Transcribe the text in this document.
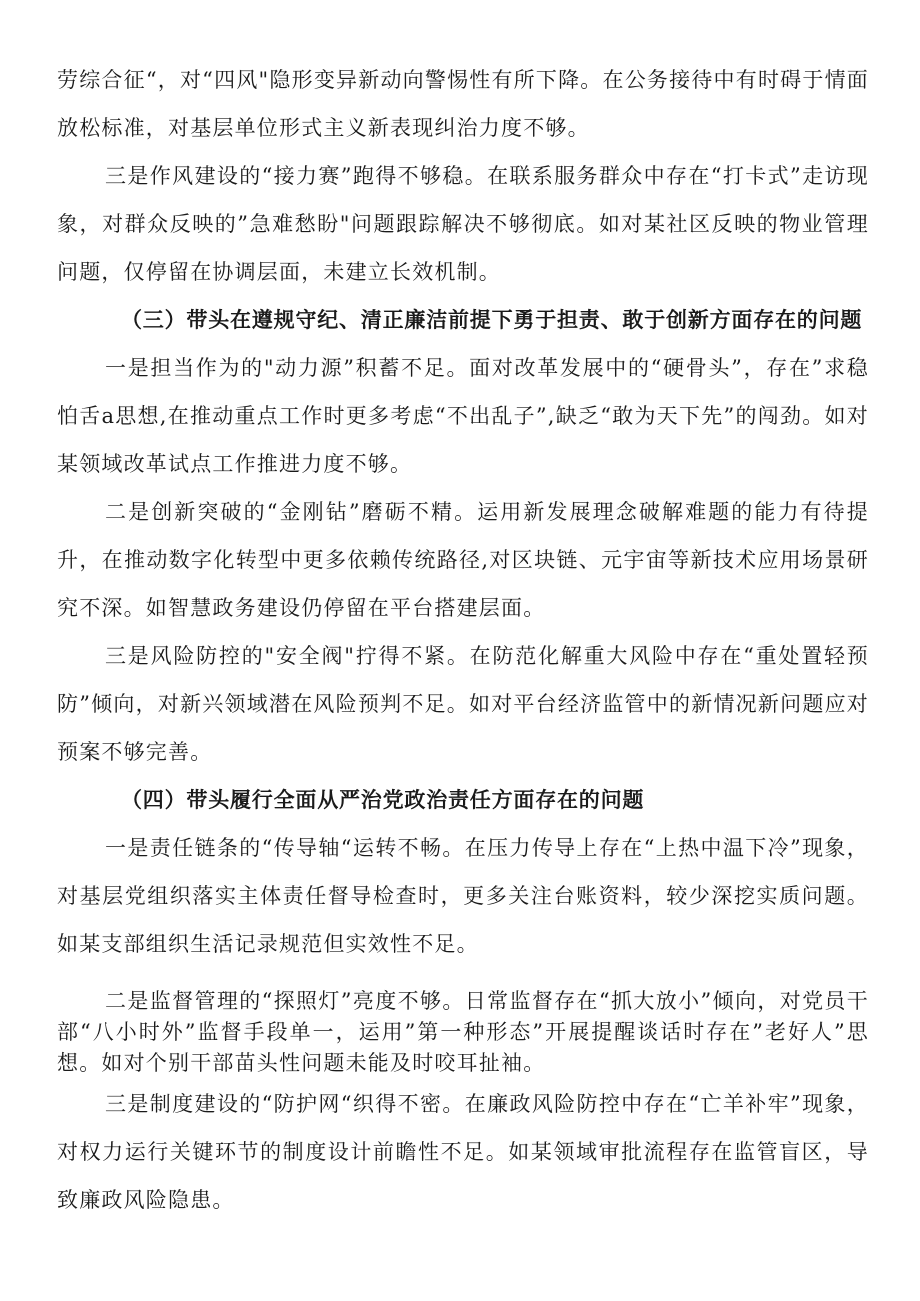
劳综合征“，对“四风"隐形变异新动向警惕性有所下降。在公务接待中有时碍于情面放松标准，对基层单位形式主义新表现纠治力度不够。

三是作风建设的“接力赛”跑得不够稳。在联系服务群众中存在“打卡式”走访现象，对群众反映的”急难愁盼"问题跟踪解决不够彻底。如对某社区反映的物业管理问题，仅停留在协调层面，未建立长效机制。

（三）带头在遵规守纪、清正廉洁前提下勇于担责、敢于创新方面存在的问题

一是担当作为的"动力源”积蓄不足。面对改革发展中的“硬骨头”，存在”求稳怕舌a思想,在推动重点工作时更多考虑“不出乱子”,缺乏“敢为天下先”的闯劲。如对某领域改革试点工作推进力度不够。

二是创新突破的“金刚钻”磨砺不精。运用新发展理念破解难题的能力有待提升，在推动数字化转型中更多依赖传统路径,对区块链、元宇宙等新技术应用场景研究不深。如智慧政务建设仍停留在平台搭建层面。

三是风险防控的"安全阀"拧得不紧。在防范化解重大风险中存在“重处置轻预防”倾向，对新兴领域潜在风险预判不足。如对平台经济监管中的新情况新问题应对预案不够完善。

（四）带头履行全面从严治党政治责任方面存在的问题

一是责任链条的“传导轴“运转不畅。在压力传导上存在“上热中温下冷”现象，对基层党组织落实主体责任督导检查时，更多关注台账资料，较少深挖实质问题。如某支部组织生活记录规范但实效性不足。

二是监督管理的“探照灯”亮度不够。日常监督存在“抓大放小”倾向，对党员干部“八小时外”监督手段单一，运用”第一种形态”开展提醒谈话时存在”老好人”思想。如对个别干部苗头性问题未能及时咬耳扯袖。

三是制度建设的“防护网“织得不密。在廉政风险防控中存在“亡羊补牢”现象，对权力运行关键环节的制度设计前瞻性不足。如某领域审批流程存在监管盲区，导致廉政风险隐患。
